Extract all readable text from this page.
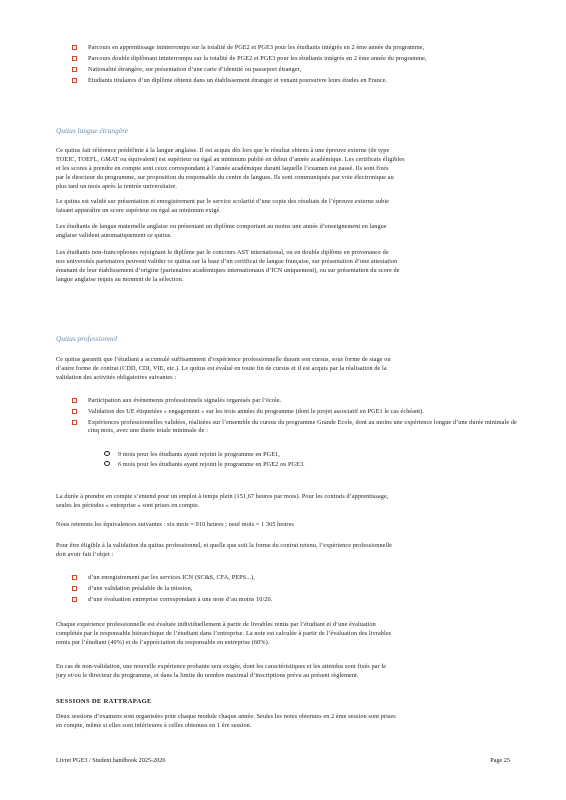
Parcours en apprentissage ininterrompu sur la totalité de PGE2 et PGE3 pour les étudiants intégrés en 2 ème année du programme,
Parcours double diplômant ininterrompu sur la totalité de PGE2 et PGE3 pour les étudiants intégrés en 2 ème année du programme,
Nationalité étrangère, sur présentation d’une carte d’identité ou passeport étranger,
Etudiants titulaires d’un diplôme obtenu dans un établissement étranger et venant poursuivre leurs études en France.
Quitus langue étrangère
Ce quitus fait référence prédéfinie à la langue anglaise. Il est acquis dès lors que le résultat obtenu à une épreuve externe (de type
TOEIC, TOEFL, GMAT ou équivalent) est supérieur ou égal au minimum publié en début d’année académique. Les certificats éligibles
et les scores à prendre en compte sont ceux correspondant à l’année académique durant laquelle l’examen est passé. Ils sont fixés
par le directeur du programme, sur proposition du responsable du centre de langues. Ils sont communiqués par voie électronique au
plus tard un mois après la rentrée universitaire.
Le quitus est validé sur présentation et enregistrement par le service scolarité d’une copie des résultats de l’épreuve externe subie
faisant apparaître un score supérieur ou égal au minimum exigé.
Les étudiants de langue maternelle anglaise ou présentant un diplôme comportant au moins une année d’enseignement en langue
anglaise valident automatiquement ce quitus.
Les étudiants non-francophones rejoignant le diplôme par le concours AST international, ou en double diplôme en provenance de
nos universités partenaires peuvent valider ce quitus sur la base d’un certificat de langue française, sur présentation d’une attestation
émanant de leur établissement d’origine (partenaires académiques internationaux d’ICN uniquement), ou sur présentation du score de
langue anglaise requis au moment de la sélection.
Quitus professionnel
Ce quitus garantit que l’étudiant a accumulé suffisamment d’expérience professionnelle durant son cursus, sous forme de stage ou
d’autre forme de contrat (CDD, CDI, VIE, etc.). Le quitus est évalué en toute fin de cursus et il est acquis par la réalisation de la
validation des activités obligatoires suivantes :
Participation aux évènements professionnels signalés organisés par l’école.
Validation des UE étiquetées « engagement » sur les trois années du programme (dont le projet associatif en PGE1 le cas échéant).
Expériences professionnelles validées, réalisées sur l’ensemble du cursus du programme Grande Ecole, dont au moins une expérience longue d’une durée minimale de cinq mois, avec une durée totale minimale de :
9 mois pour les étudiants ayant rejoint le programme en PGE1,
6 mois pour les étudiants ayant rejoint le programme en PGE2 ou PGE3.
La durée à prendre en compte s’entend pour un emploi à temps plein (151,67 heures par mois). Pour les contrats d’apprentissage,
seules les périodes « entreprise » sont prises en compte.
Nous retenons les équivalences suivantes : six mois = 910 heures ; neuf mois = 1 365 heures
Pour être éligible à la validation du quitus professionnel, et quelle que soit la forme du contrat retenu, l’expérience professionnelle
doit avoir fait l’objet :
d’un enregistrement par les services ICN (SC&S, CFA, PEPS...),
d’une validation préalable de la mission,
d’une évaluation entreprise correspondant à une note d’au moins 10/20.
Chaque expérience professionnelle est évaluée individuellement à partir de livrables remis par l’étudiant et d’une évaluation
complétée par le responsable hiérarchique de l’étudiant dans l’entreprise. La note est calculée à partir de l’évaluation des livrables
remis par l’étudiant (40%) et de l’appréciation du responsable en entreprise (60%).
En cas de non-validation, une nouvelle expérience probante sera exigée, dont les caractéristiques et les attendus sont fixés par le
jury et/ou le directeur du programme, et dans la limite du nombre maximal d’inscriptions prévu au présent règlement.
SESSIONS DE RATTRAPAGE
Deux sessions d’examens sont organisées pour chaque module chaque année. Seules les notes obtenues en 2 ème session sont prises
en compte, même si elles sont inférieures à celles obtenues en 1 ère session.
Livret PGE3 / Student handbook 2025-2026	Page 25
